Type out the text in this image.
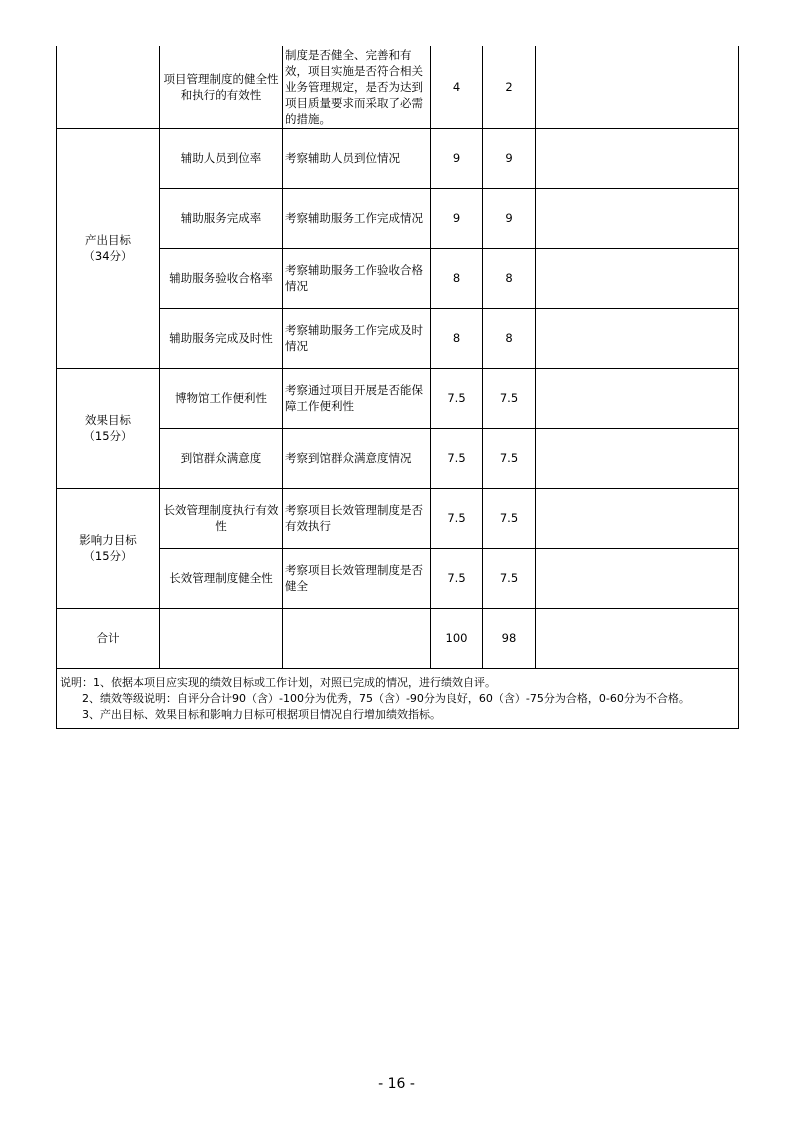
	项目管理制度的健全性和执行的有效性	制度是否健全、完善和有效，项目实施是否符合相关业务管理规定，是否为达到项目质量要求而采取了必需的措施。	4	2	

产出目标
（34分）	辅助人员到位率	考察辅助人员到位情况	9	9	
	辅助服务完成率	考察辅助服务工作完成情况	9	9	
	辅助服务验收合格率	考察辅助服务工作验收合格情况	8	8	
	辅助服务完成及时性	考察辅助服务工作完成及时情况	8	8	

效果目标
（15分）	博物馆工作便利性	考察通过项目开展是否能保障工作便利性	7.5	7.5	
	到馆群众满意度	考察到馆群众满意度情况	7.5	7.5	

影响力目标
（15分）	长效管理制度执行有效性	考察项目长效管理制度是否有效执行	7.5	7.5	
	长效管理制度健全性	考察项目长效管理制度是否健全	7.5	7.5	
合计			100	98	

说明：1、依据本项目应实现的绩效目标或工作计划，对照已完成的情况，进行绩效自评。
2、绩效等级说明：自评分合计90（含）-100分为优秀，75（含）-90分为良好，60（含）-75分为合格，0-60分为不合格。
3、产出目标、效果目标和影响力目标可根据项目情况自行增加绩效指标。					
- 16 -
